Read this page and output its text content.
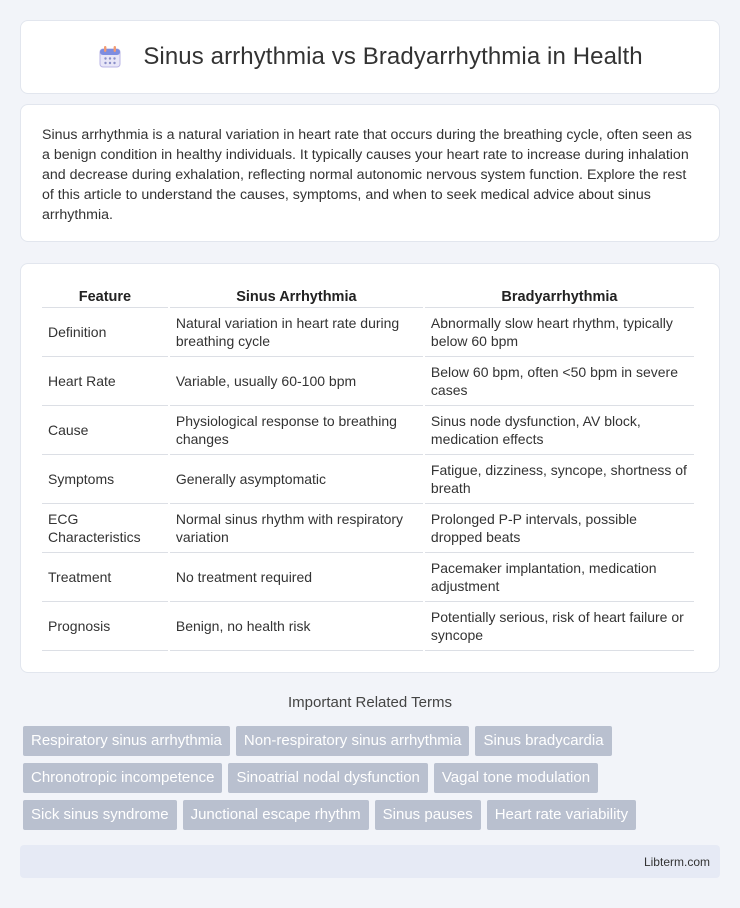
Sinus arrhythmia vs Bradyarrhythmia in Health

Sinus arrhythmia is a natural variation in heart rate that occurs during the breathing cycle, often seen as a benign condition in healthy individuals. It typically causes your heart rate to increase during inhalation and decrease during exhalation, reflecting normal autonomic nervous system function. Explore the rest of this article to understand the causes, symptoms, and when to seek medical advice about sinus arrhythmia.

Feature	Sinus Arrhythmia	Bradyarrhythmia
Definition	Natural variation in heart rate during breathing cycle	Abnormally slow heart rhythm, typically below 60 bpm
Heart Rate	Variable, usually 60-100 bpm	Below 60 bpm, often <50 bpm in severe cases
Cause	Physiological response to breathing changes	Sinus node dysfunction, AV block, medication effects
Symptoms	Generally asymptomatic	Fatigue, dizziness, syncope, shortness of breath
ECG Characteristics	Normal sinus rhythm with respiratory variation	Prolonged P-P intervals, possible dropped beats
Treatment	No treatment required	Pacemaker implantation, medication adjustment
Prognosis	Benign, no health risk	Potentially serious, risk of heart failure or syncope
Important Related Terms
Respiratory sinus arrhythmia	Non-respiratory sinus arrhythmia	Sinus bradycardia
Chronotropic incompetence	Sinoatrial nodal dysfunction	Vagal tone modulation
Sick sinus syndrome	Junctional escape rhythm	Sinus pauses	Heart rate variability
Libterm.com
